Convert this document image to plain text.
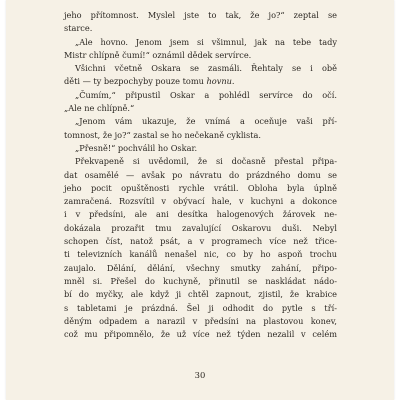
jeho přítomnost. Myslel jste to tak, že jo?“ zeptal se
starce.
„Ale hovno. Jenom jsem si všimnul, jak na tebe tady
Mistr chlípně čumí!“ oznámil dědek servírce.
Všichni včetně Oskara se zasmáli. Řehtaly se i obě
děti — ty bezpochyby pouze tomu hovnu.
„Čumím,“ připustil Oskar a pohlédl servírce do očí.
„Ale ne chlípně.“
„Jenom vám ukazuje, že vnímá a oceňuje vaši pří-
tomnost, že jo?“ zastal se ho nečekaně cyklista.
„Přesně!“ pochválil ho Oskar.
Překvapeně si uvědomil, že si dočasně přestal připa-
dat osamělé — avšak po návratu do prázdného domu se
jeho pocit opuštěnosti rychle vrátil. Obloha byla úplně
zamračená. Rozsvítil v obývací hale, v kuchyni a dokonce
i v předsíni, ale ani desítka halogenových žárovek ne-
dokázala prozařit tmu zavalující Oskarovu duši. Nebyl
schopen číst, natož psát, a v programech více než třice-
ti televizních kanálů nenašel nic, co by ho aspoň trochu
zaujalo. Dělání, dělání, všechny smutky zahání, připo-
mněl si. Přešel do kuchyně, přinutil se naskládat nádo-
bí do myčky, ale když ji chtěl zapnout, zjistil, že krabice
s tabletami je prázdná. Šel ji odhodit do pytle s tří-
děným odpadem a narazil v předsíni na plastovou konev,
což mu připomnělo, že už více než týden nezalil v celém
30
